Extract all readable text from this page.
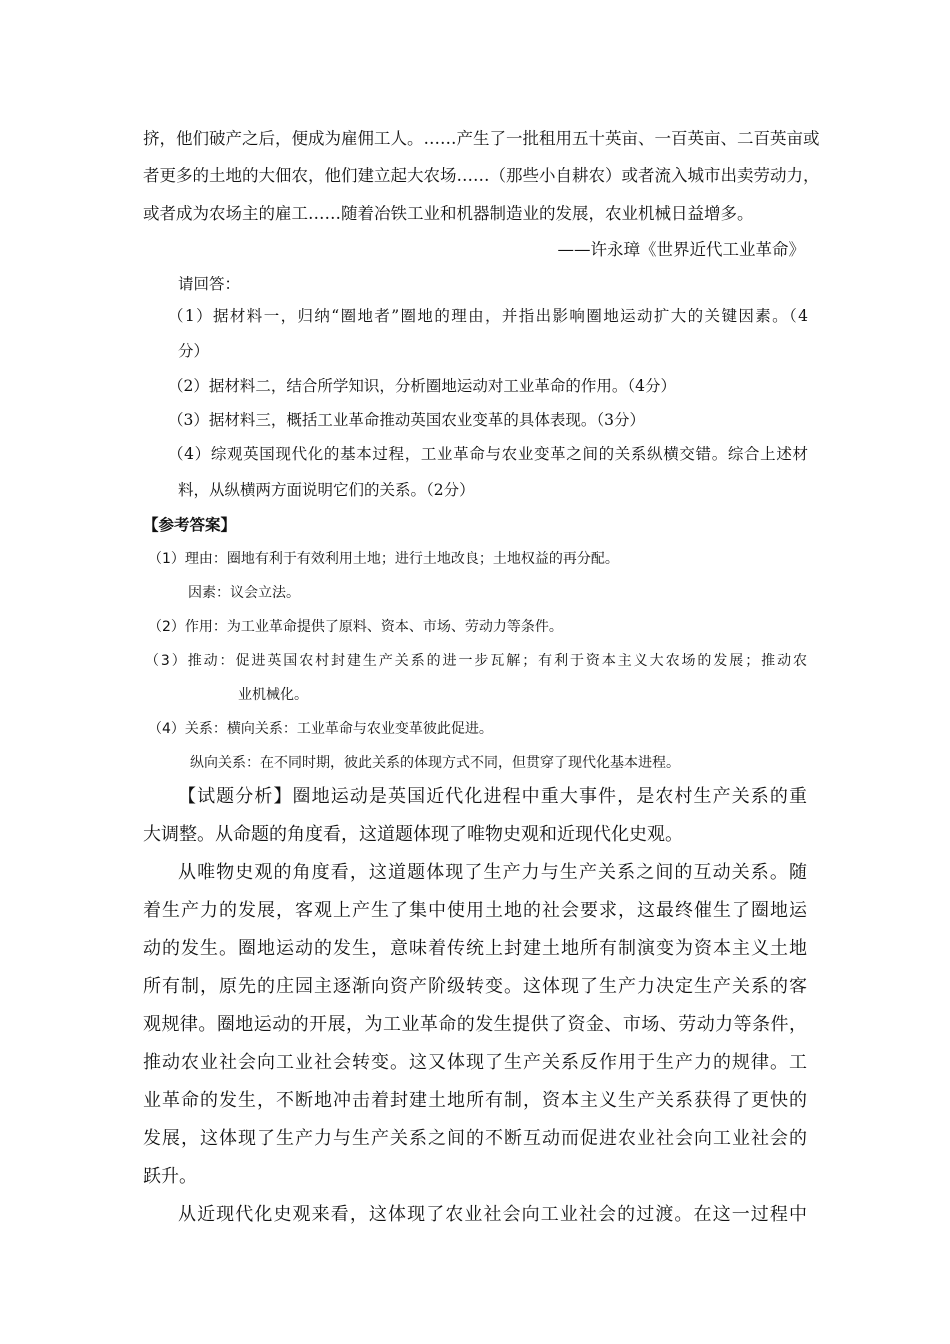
挤，他们破产之后，便成为雇佣工人。……产生了一批租用五十英亩、一百英亩、二百英亩或
者更多的土地的大佃农，他们建立起大农场……（那些小自耕农）或者流入城市出卖劳动力，
或者成为农场主的雇工……随着冶铁工业和机器制造业的发展，农业机械日益增多。
——许永璋《世界近代工业革命》
请回答：
（1）据材料一，归纳“圈地者”圈地的理由，并指出影响圈地运动扩大的关键因素。（4
分）
（2）据材料二，结合所学知识，分析圈地运动对工业革命的作用。（4分）
（3）据材料三，概括工业革命推动英国农业变革的具体表现。（3分）
（4）综观英国现代化的基本过程，工业革命与农业变革之间的关系纵横交错。综合上述材
料，从纵横两方面说明它们的关系。（2分）
【参考答案】
（1）理由：圈地有利于有效利用土地；进行土地改良；土地权益的再分配。
因素：议会立法。
（2）作用：为工业革命提供了原料、资本、市场、劳动力等条件。
（3）推动：促进英国农村封建生产关系的进一步瓦解；有利于资本主义大农场的发展；推动农
业机械化。
（4）关系：横向关系：工业革命与农业变革彼此促进。
纵向关系：在不同时期，彼此关系的体现方式不同，但贯穿了现代化基本进程。
【试题分析】圈地运动是英国近代化进程中重大事件，是农村生产关系的重
大调整。从命题的角度看，这道题体现了唯物史观和近现代化史观。
从唯物史观的角度看，这道题体现了生产力与生产关系之间的互动关系。随
着生产力的发展，客观上产生了集中使用土地的社会要求，这最终催生了圈地运
动的发生。圈地运动的发生，意味着传统上封建土地所有制演变为资本主义土地
所有制，原先的庄园主逐渐向资产阶级转变。这体现了生产力决定生产关系的客
观规律。圈地运动的开展，为工业革命的发生提供了资金、市场、劳动力等条件，
推动农业社会向工业社会转变。这又体现了生产关系反作用于生产力的规律。工
业革命的发生，不断地冲击着封建土地所有制，资本主义生产关系获得了更快的
发展，这体现了生产力与生产关系之间的不断互动而促进农业社会向工业社会的
跃升。
从近现代化史观来看，这体现了农业社会向工业社会的过渡。在这一过程中
